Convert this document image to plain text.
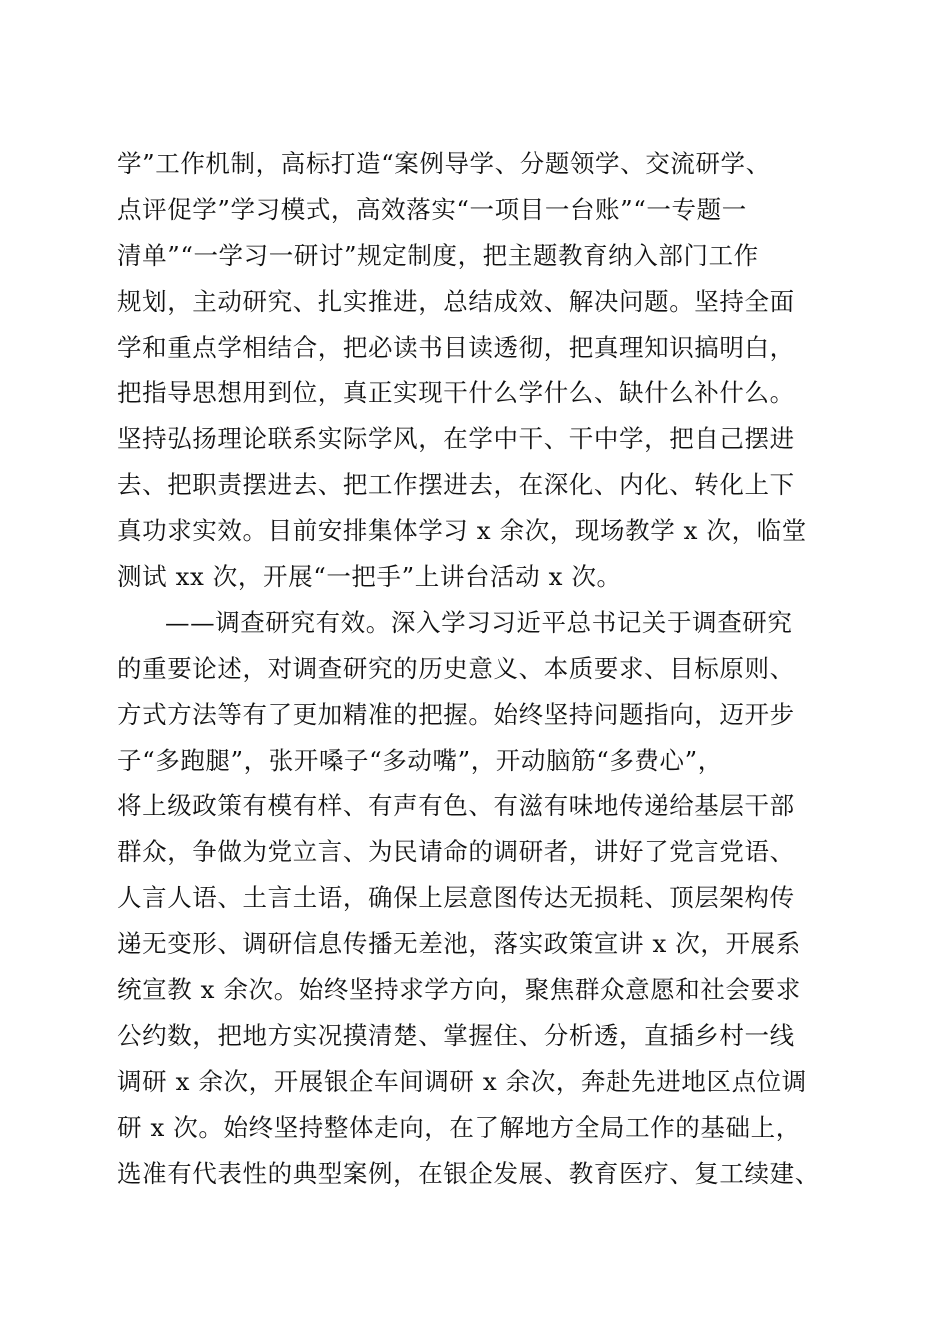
学”工作机制，高标打造“案例导学、分题领学、交流研学、
点评促学”学习模式，高效落实“一项目一台账”“一专题一
清单”“一学习一研讨”规定制度，把主题教育纳入部门工作
规划，主动研究、扎实推进，总结成效、解决问题。坚持全面
学和重点学相结合，把必读书目读透彻，把真理知识搞明白，
把指导思想用到位，真正实现干什么学什么、缺什么补什么。
坚持弘扬理论联系实际学风，在学中干、干中学，把自己摆进
去、把职责摆进去、把工作摆进去，在深化、内化、转化上下
真功求实效。目前安排集体学习 x 余次，现场教学 x 次，临堂
测试 xx 次，开展“一把手”上讲台活动 x 次。
——调查研究有效。深入学习习近平总书记关于调查研究
的重要论述，对调查研究的历史意义、本质要求、目标原则、
方式方法等有了更加精准的把握。始终坚持问题指向，迈开步
子“多跑腿”，张开嗓子“多动嘴”，开动脑筋“多费心”，
将上级政策有模有样、有声有色、有滋有味地传递给基层干部
群众，争做为党立言、为民请命的调研者，讲好了党言党语、
人言人语、土言土语，确保上层意图传达无损耗、顶层架构传
递无变形、调研信息传播无差池，落实政策宣讲 x 次，开展系
统宣教 x 余次。始终坚持求学方向，聚焦群众意愿和社会要求
公约数，把地方实况摸清楚、掌握住、分析透，直插乡村一线
调研 x 余次，开展银企车间调研 x 余次，奔赴先进地区点位调
研 x 次。始终坚持整体走向，在了解地方全局工作的基础上，
选准有代表性的典型案例，在银企发展、教育医疗、复工续建、
